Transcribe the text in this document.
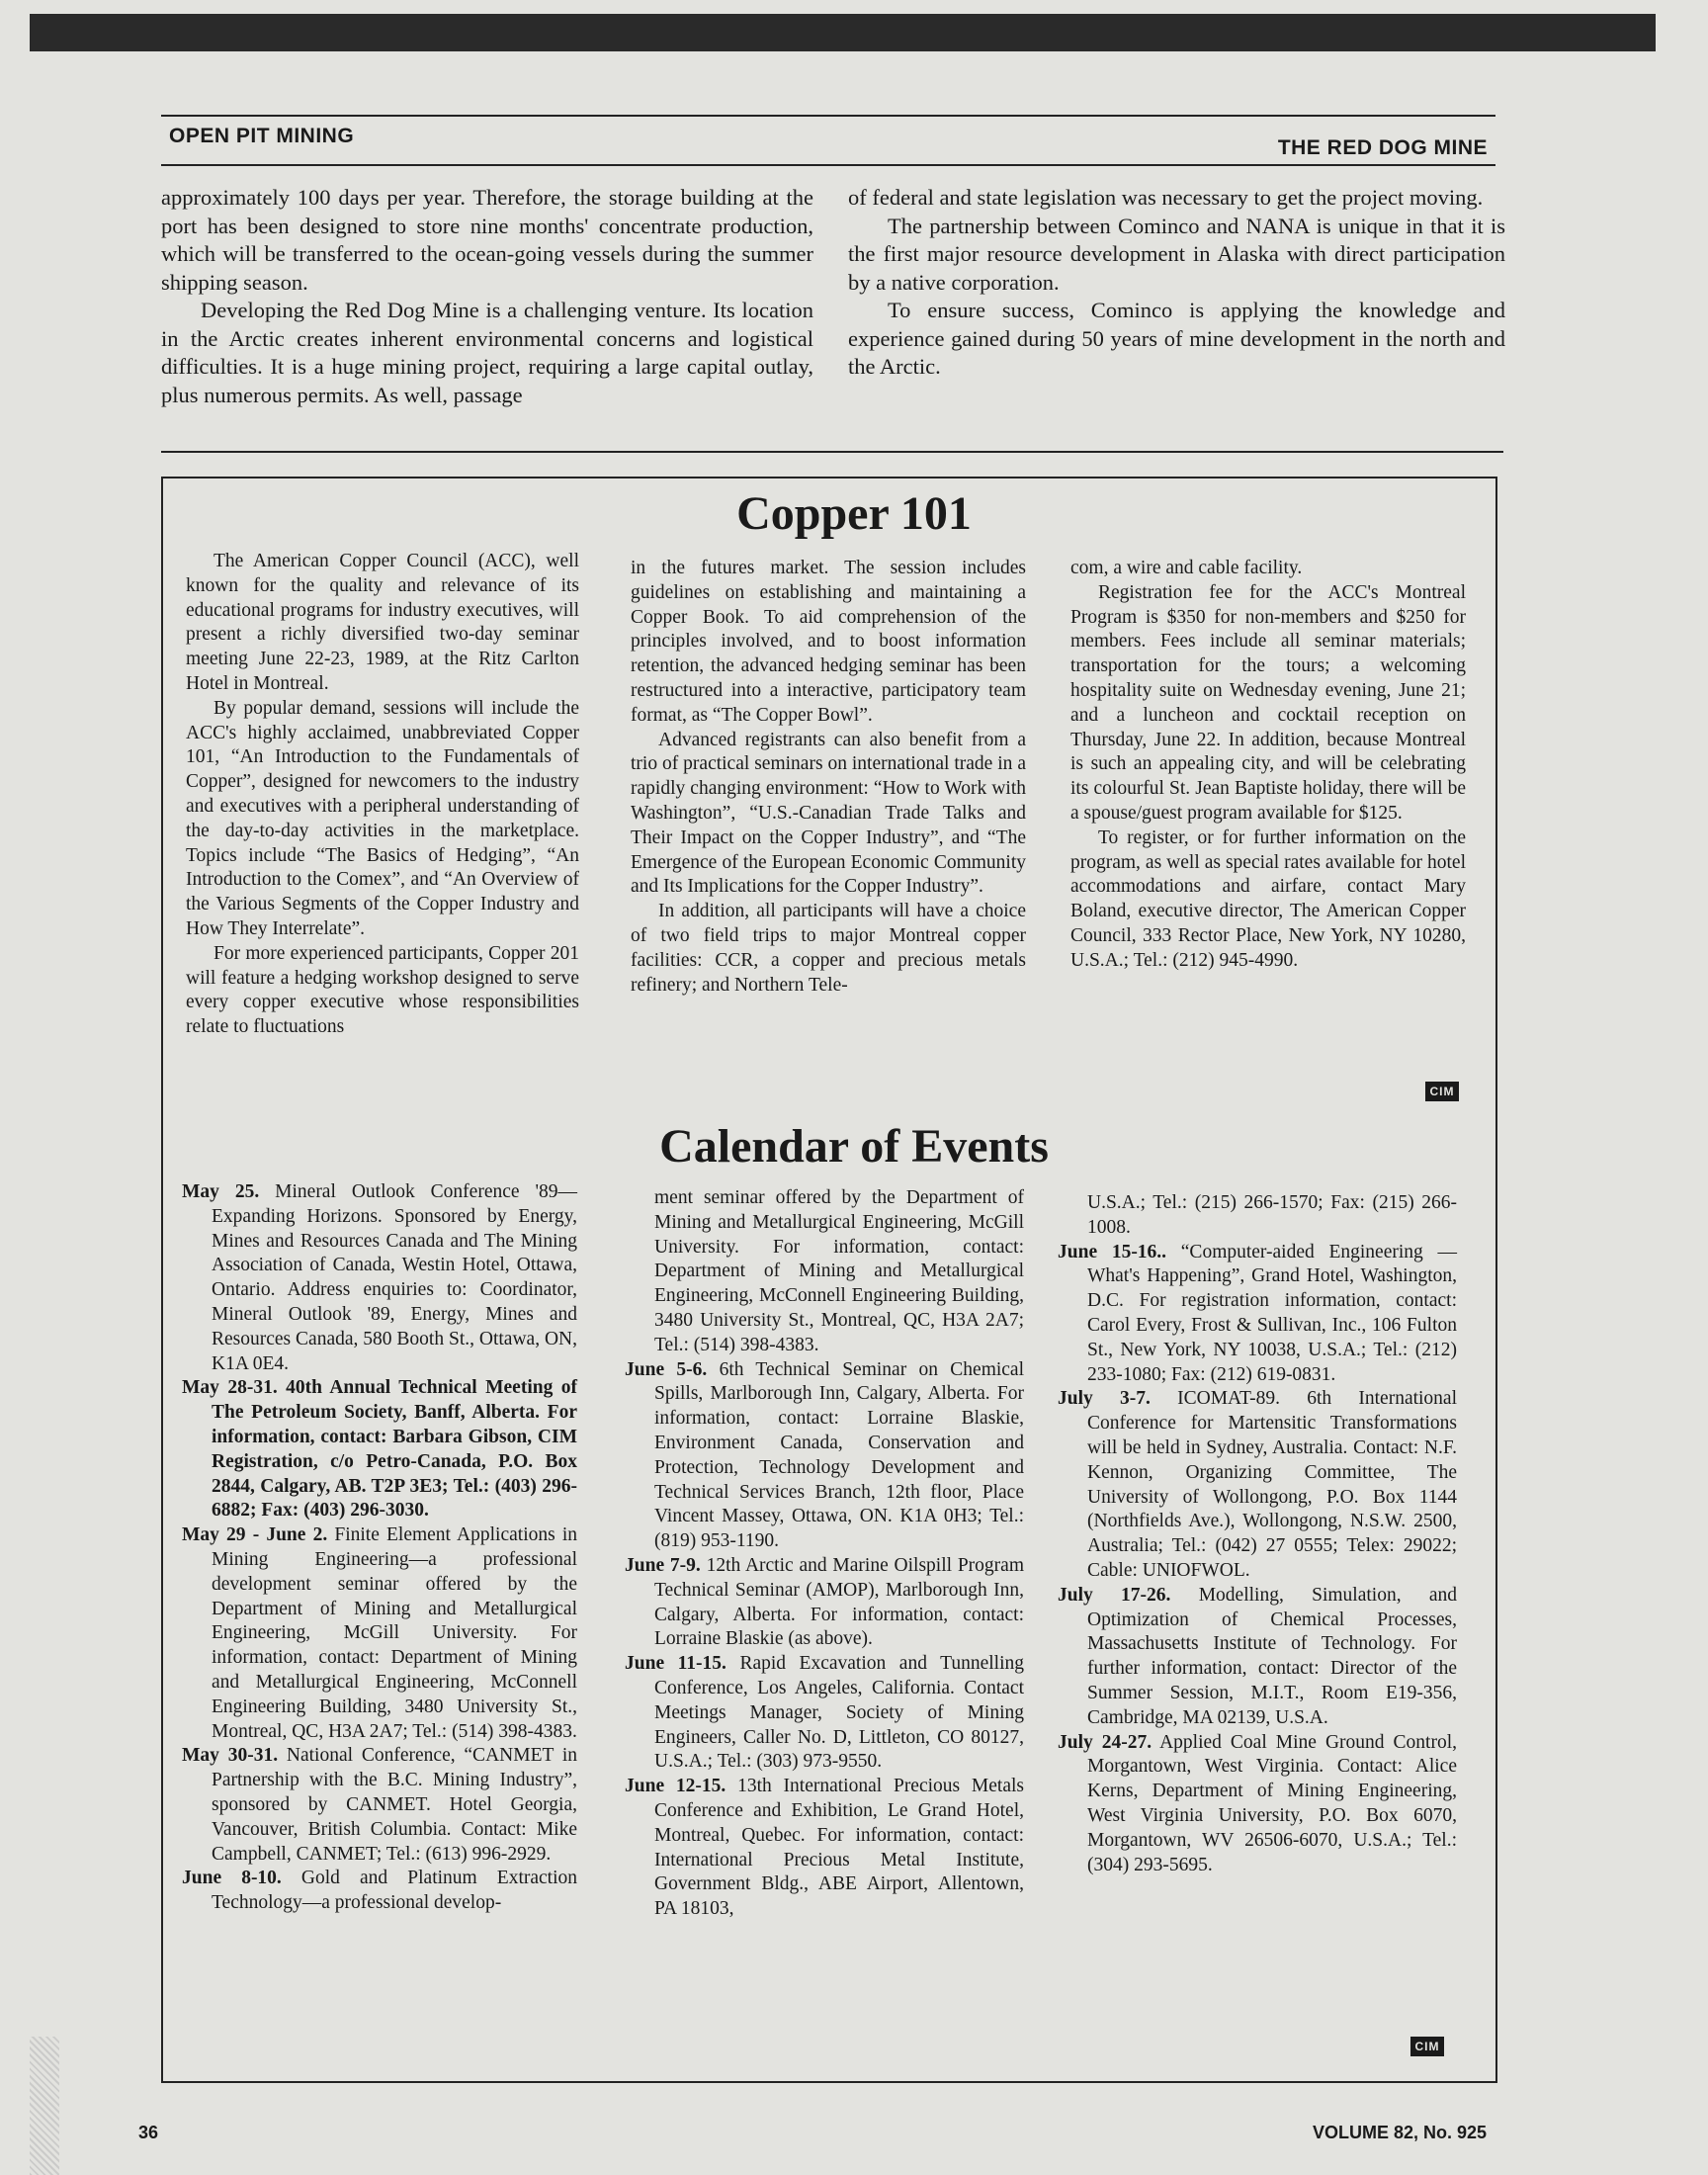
OPEN PIT MINING
THE RED DOG MINE

approximately 100 days per year. Therefore, the storage building at the port has been designed to store nine months' concentrate production, which will be transferred to the ocean-going vessels during the summer shipping season.

Developing the Red Dog Mine is a challenging venture. Its location in the Arctic creates inherent environmental concerns and logistical difficulties. It is a huge mining project, requiring a large capital outlay, plus numerous permits. As well, passage

of federal and state legislation was necessary to get the project moving.

The partnership between Cominco and NANA is unique in that it is the first major resource development in Alaska with direct participation by a native corporation.

To ensure success, Cominco is applying the knowledge and experience gained during 50 years of mine development in the north and the Arctic.

Copper 101

The American Copper Council (ACC), well known for the quality and relevance of its educational programs for industry executives, will present a richly diversified two-day seminar meeting June 22-23, 1989, at the Ritz Carlton Hotel in Montreal.

By popular demand, sessions will include the ACC's highly acclaimed, unabbreviated Copper 101, “An Introduction to the Fundamentals of Copper”, designed for newcomers to the industry and executives with a peripheral understanding of the day-to-day activities in the marketplace. Topics include “The Basics of Hedging”, “An Introduction to the Comex”, and “An Overview of the Various Segments of the Copper Industry and How They Interrelate”.

For more experienced participants, Copper 201 will feature a hedging workshop designed to serve every copper executive whose responsibilities relate to fluctuations

in the futures market. The session includes guidelines on establishing and maintaining a Copper Book. To aid comprehension of the principles involved, and to boost information retention, the advanced hedging seminar has been restructured into a interactive, participatory team format, as “The Copper Bowl”.

Advanced registrants can also benefit from a trio of practical seminars on international trade in a rapidly changing environment: “How to Work with Washington”, “U.S.-Canadian Trade Talks and Their Impact on the Copper Industry”, and “The Emergence of the European Economic Community and Its Implications for the Copper Industry”.

In addition, all participants will have a choice of two field trips to major Montreal copper facilities: CCR, a copper and precious metals refinery; and Northern Tele-

com, a wire and cable facility.

Registration fee for the ACC's Montreal Program is $350 for non-members and $250 for members. Fees include all seminar materials; transportation for the tours; a welcoming hospitality suite on Wednesday evening, June 21; and a luncheon and cocktail reception on Thursday, June 22. In addition, because Montreal is such an appealing city, and will be celebrating its colourful St. Jean Baptiste holiday, there will be a spouse/guest program available for $125.

To register, or for further information on the program, as well as special rates available for hotel accommodations and airfare, contact Mary Boland, executive director, The American Copper Council, 333 Rector Place, New York, NY 10280, U.S.A.; Tel.: (212) 945-4990.

CIM
Calendar of Events

May 25. Mineral Outlook Conference '89—Expanding Horizons. Sponsored by Energy, Mines and Resources Canada and The Mining Association of Canada, Westin Hotel, Ottawa, Ontario. Address enquiries to: Coordinator, Mineral Outlook '89, Energy, Mines and Resources Canada, 580 Booth St., Ottawa, ON, K1A 0E4.

May 28-31. 40th Annual Technical Meeting of The Petroleum Society, Banff, Alberta. For information, contact: Barbara Gibson, CIM Registration, c/o Petro-Canada, P.O. Box 2844, Calgary, AB. T2P 3E3; Tel.: (403) 296-6882; Fax: (403) 296-3030.

May 29 - June 2. Finite Element Applications in Mining Engineering—a professional development seminar offered by the Department of Mining and Metallurgical Engineering, McGill University. For information, contact: Department of Mining and Metallurgical Engineering, McConnell Engineering Building, 3480 University St., Montreal, QC, H3A 2A7; Tel.: (514) 398-4383.

May 30-31. National Conference, “CANMET in Partnership with the B.C. Mining Industry”, sponsored by CANMET. Hotel Georgia, Vancouver, British Columbia. Contact: Mike Campbell, CANMET; Tel.: (613) 996-2929.

June 8-10. Gold and Platinum Extraction Technology—a professional develop-

ment seminar offered by the Department of Mining and Metallurgical Engineering, McGill University. For information, contact: Department of Mining and Metallurgical Engineering, McConnell Engineering Building, 3480 University St., Montreal, QC, H3A 2A7; Tel.: (514) 398-4383.

June 5-6. 6th Technical Seminar on Chemical Spills, Marlborough Inn, Calgary, Alberta. For information, contact: Lorraine Blaskie, Environment Canada, Conservation and Protection, Technology Development and Technical Services Branch, 12th floor, Place Vincent Massey, Ottawa, ON. K1A 0H3; Tel.: (819) 953-1190.

June 7-9. 12th Arctic and Marine Oilspill Program Technical Seminar (AMOP), Marlborough Inn, Calgary, Alberta. For information, contact: Lorraine Blaskie (as above).

June 11-15. Rapid Excavation and Tunnelling Conference, Los Angeles, California. Contact Meetings Manager, Society of Mining Engineers, Caller No. D, Littleton, CO 80127, U.S.A.; Tel.: (303) 973-9550.

June 12-15. 13th International Precious Metals Conference and Exhibition, Le Grand Hotel, Montreal, Quebec. For information, contact: International Precious Metal Institute, Government Bldg., ABE Airport, Allentown, PA 18103,

U.S.A.; Tel.: (215) 266-1570; Fax: (215) 266-1008.

June 15-16.. “Computer-aided Engineering —What's Happening”, Grand Hotel, Washington, D.C. For registration information, contact: Carol Every, Frost & Sullivan, Inc., 106 Fulton St., New York, NY 10038, U.S.A.; Tel.: (212) 233-1080; Fax: (212) 619-0831.

July 3-7. ICOMAT-89. 6th International Conference for Martensitic Transformations will be held in Sydney, Australia. Contact: N.F. Kennon, Organizing Committee, The University of Wollongong, P.O. Box 1144 (Northfields Ave.), Wollongong, N.S.W. 2500, Australia; Tel.: (042) 27 0555; Telex: 29022; Cable: UNIOFWOL.

July 17-26. Modelling, Simulation, and Optimization of Chemical Processes, Massachusetts Institute of Technology. For further information, contact: Director of the Summer Session, M.I.T., Room E19-356, Cambridge, MA 02139, U.S.A.

July 24-27. Applied Coal Mine Ground Control, Morgantown, West Virginia. Contact: Alice Kerns, Department of Mining Engineering, West Virginia University, P.O. Box 6070, Morgantown, WV 26506-6070, U.S.A.; Tel.: (304) 293-5695.

CIM
36	VOLUME 82, No. 925
